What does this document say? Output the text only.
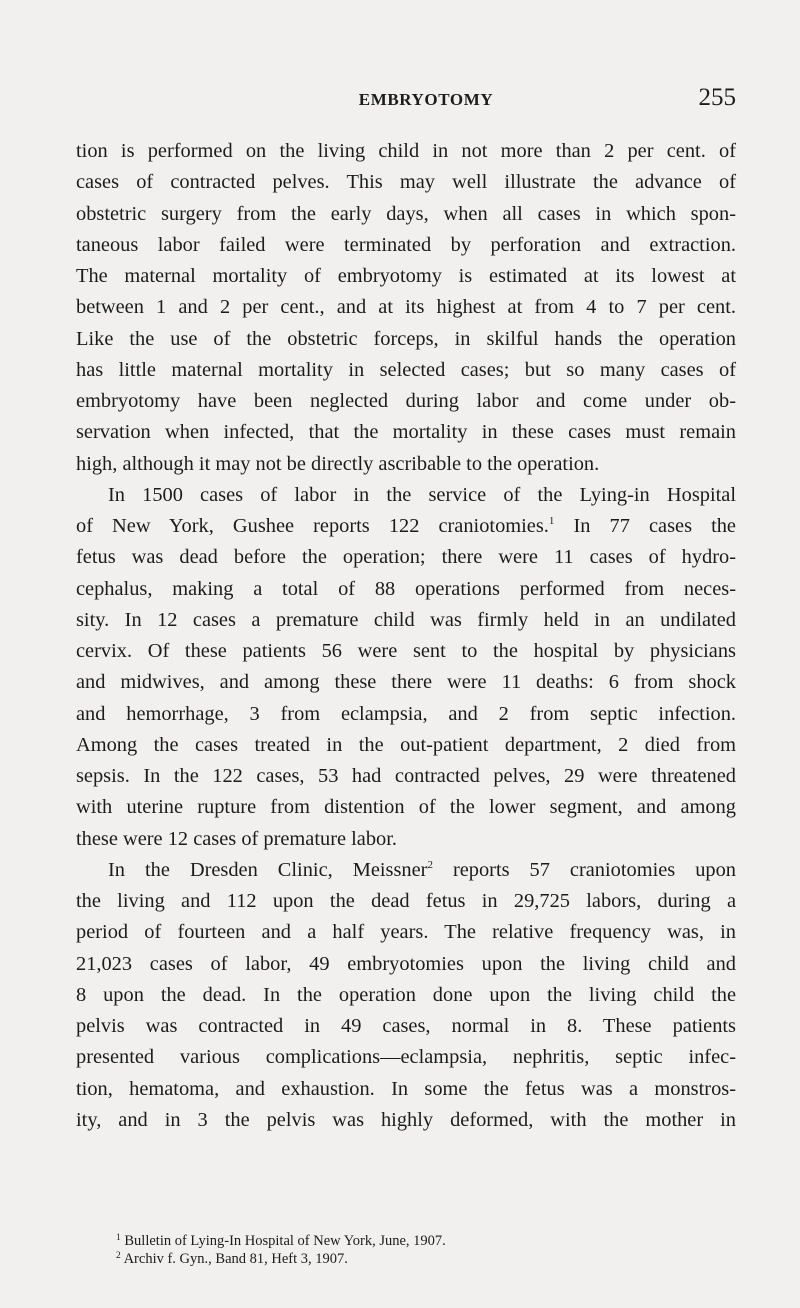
EMBRYOTOMY	255
tion is performed on the living child in not more than 2 per cent. of
cases of contracted pelves. This may well illustrate the advance of
obstetric surgery from the early days, when all cases in which spon-
taneous labor failed were terminated by perforation and extraction.
The maternal mortality of embryotomy is estimated at its lowest at
between 1 and 2 per cent., and at its highest at from 4 to 7 per cent.
Like the use of the obstetric forceps, in skilful hands the operation
has little maternal mortality in selected cases; but so many cases of
embryotomy have been neglected during labor and come under ob-
servation when infected, that the mortality in these cases must remain
high, although it may not be directly ascribable to the operation.
In 1500 cases of labor in the service of the Lying-in Hospital
of New York, Gushee reports 122 craniotomies.$^1$ In 77 cases the
fetus was dead before the operation; there were 11 cases of hydro-
cephalus, making a total of 88 operations performed from neces-
sity. In 12 cases a premature child was firmly held in an undilated
cervix. Of these patients 56 were sent to the hospital by physicians
and midwives, and among these there were 11 deaths: 6 from shock
and hemorrhage, 3 from eclampsia, and 2 from septic infection.
Among the cases treated in the out-patient department, 2 died from
sepsis. In the 122 cases, 53 had contracted pelves, 29 were threatened
with uterine rupture from distention of the lower segment, and among
these were 12 cases of premature labor.
In the Dresden Clinic, Meissner$^2$ reports 57 craniotomies upon
the living and 112 upon the dead fetus in 29,725 labors, during a
period of fourteen and a half years. The relative frequency was, in
21,023 cases of labor, 49 embryotomies upon the living child and
8 upon the dead. In the operation done upon the living child the
pelvis was contracted in 49 cases, normal in 8. These patients
presented various complications—eclampsia, nephritis, septic infec-
tion, hematoma, and exhaustion. In some the fetus was a monstros-
ity, and in 3 the pelvis was highly deformed, with the mother in
$^1$ Bulletin of Lying-In Hospital of New York, June, 1907.
$^2$ Archiv f. Gyn., Band 81, Heft 3, 1907.
